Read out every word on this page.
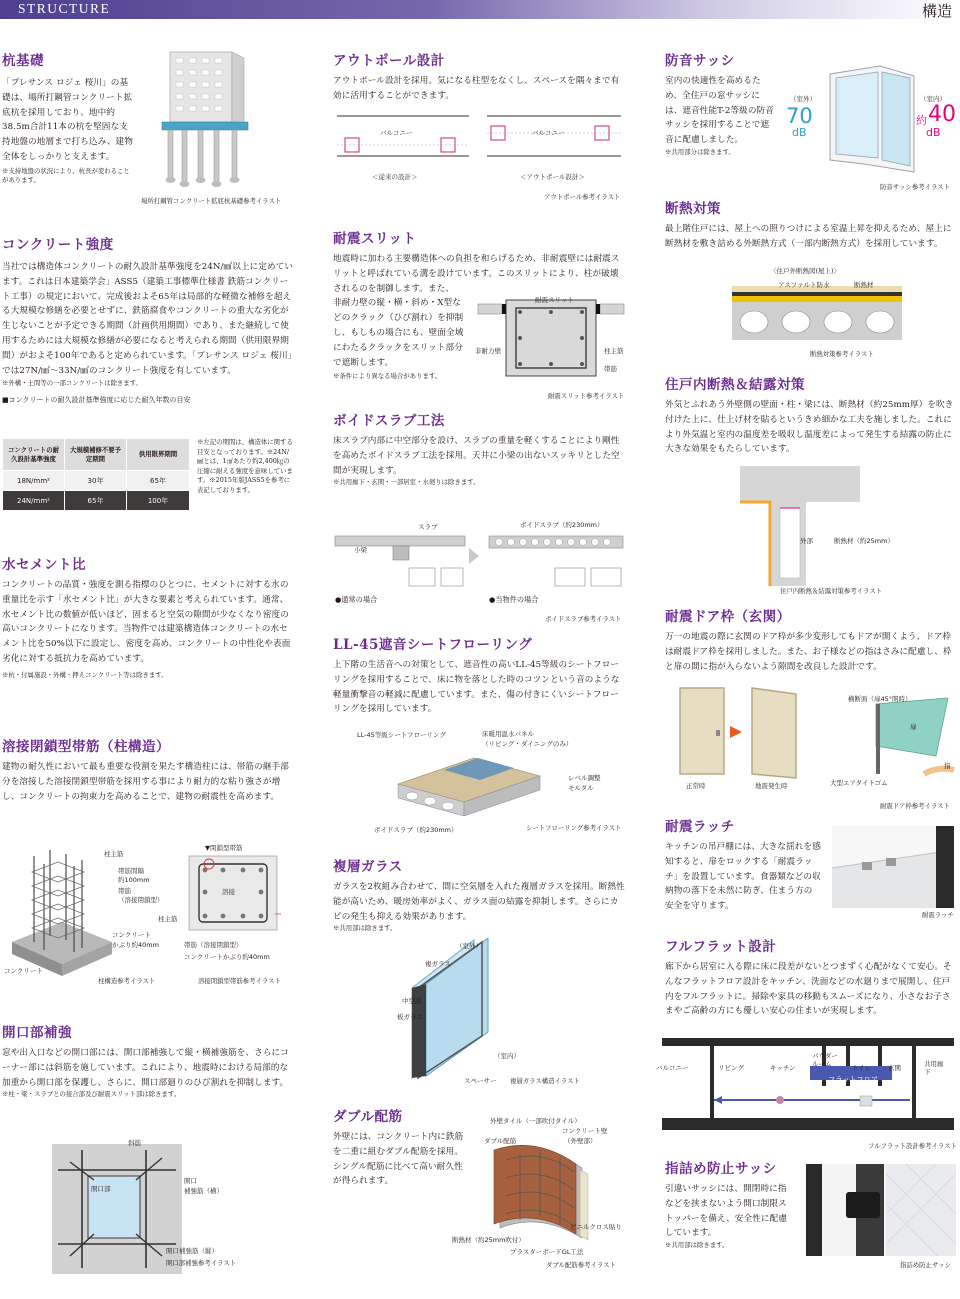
STRUCTURE	構造
杭基礎
「プレサンス ロジェ 桜川」の基礎は、場所打鋼管コンクリート拡底杭を採用しており、地中約38.5m合計11本の杭を堅固な支持地盤の地層まで打ち込み、建物全体をしっかりと支えます。
※支持地盤の状況により、杭長が変わることがあります。
場所打鋼管コンクリート拡底杭基礎参考イラスト
コンクリート強度
当社では構造体コンクリートの耐久設計基準強度を24N/㎟以上に定めています。これは日本建築学会」ASS5（建築工事標準仕様書 鉄筋コンクリート工事）の規定において、完成後およそ65年は局部的な軽微な補修を超える大規模な修繕を必要とせずに、鉄筋腐食やコンクリートの重大な劣化が生じないことが予定できる期間（計画供用期間）であり、また継続して使用するためには大規模な修繕が必要になると考えられる期間（供用限界期間）がおよそ100年であると定められています。「プレサンス ロジェ 桜川」では27N/㎟～33N/㎟のコンクリート強度を有しています。
※外構・土間等の一部コンクリートは除きます。
■コンクリートの耐久設計基準強度に応じた耐久年数の目安
コンクリートの耐久設計基準強度	大規模補修不要予定期間	供用限界期間
18N/mm²	30年	65年
24N/mm²	65年	100年
※左記の期間は、構造体に関する目安となっております。※24N/㎟とは、1㎠あたり約2,400㎏の圧縮に耐える強度を意味しています。※2015年版JASS5を参考に表記しております。
水セメント比
コンクリートの品質・強度を測る指標のひとつに、セメントに対する水の重量比を示す「水セメント比」が大きな要素と考えられています。通常、水セメント比の数値が低いほど、固まると空気の隙間が少なくなり密度の高いコンクリートになります。当物件では建築構造体コンクリートの水セメント比を50%以下に設定し、密度を高め、コンクリートの中性化や表面劣化に対する抵抗力を高めています。
※杭・付属施設・外構・押えコンクリート等は除きます。
溶接閉鎖型帯筋（柱構造）
建物の耐久性において最も重要な役割を果たす構造柱には、帯筋の継手部分を溶接した溶接閉鎖型帯筋を採用する事により耐力的な粘り強さが増し、コンクリートの拘束力を高めることで、建物の耐震性を高めます。
柱主筋
帯筋間隔
約100mm
帯筋
（溶接閉鎖型）
コンクリート
かぶり約40mm
コンクリート
▼閉鎖型帯筋
溶接
柱主筋
帯筋（溶接閉鎖型）
コンクリートかぶり約40mm
柱構造参考イラスト	溶接閉鎖型帯筋参考イラスト
開口部補強
窓や出入口などの開口部には、開口部補強して縦・横補強筋を、さらにコーナー部には斜筋を施しています。これにより、地震時における局部的な加重から開口部を保護し、さらに、開口部廻りのひび割れを抑制します。
※柱・梁・スラブとの接合部及び耐震スリット部は除きます。
斜筋
開口部
開口
補強筋（横）
開口補強筋（縦）
開口部補強参考イラスト
アウトポール設計
アウトポール設計を採用。気になる柱型をなくし、スペースを隅々まで有効に活用することができます。
バルコニー	バルコニー
＜従来の設計＞	＜アウトポール設計＞
アウトポール参考イラスト
耐震スリット
地震時に加わる主要構造体への負担を和らげるため、非耐震壁には耐震スリットと呼ばれている溝を設けています。このスリットにより、柱が破壊されるのを制御します。また、
非耐力壁の縦・横・斜め・X型などのクラック（ひび割れ）を抑制し、もしもの場合にも、壁面全域にわたるクラックをスリット部分で遮断します。
※条件により異なる場合があります。
耐震スリット
非耐力壁	柱主筋
帯筋
耐震スリット参考イラスト
ボイドスラブ工法
床スラブ内部に中空部分を設け、スラブの重量を軽くすることにより剛性を高めたボイドスラブ工法を採用。天井に小梁の出ないスッキリとした空間が実現します。
※共用廊下・玄関・一部居室・水廻りは除きます。
スラブ
小梁
ボイドスラブ（約230mm）
●通常の場合	●当物件の場合
ボイドスラブ参考イラスト
LL-45遮音シートフローリング
上下階の生活音への対策として、遮音性の高いLL-45等級のシートフローリングを採用することで、床に物を落とした時のコツンという音のような軽量衝撃音の軽減に配慮しています。また、傷の付きにくいシートフローリングを採用しています。
LL-45等級シートフローリング	床暖用温水パネル
（リビング・ダイニングのみ）
レベル調整
モルタル
ボイドスラブ（約230mm）	シートフローリング参考イラスト
複層ガラス
ガラスを2枚組み合わせて、間に空気層を入れた複層ガラスを採用。断熱性能が高いため、暖房効率がよく、ガラス面の結露を抑制します。さらにカビの発生も抑える効果があります。
※共用部は除きます。
（室外）
複ガラス
中空層
板ガラス
（室内）
スペーサー 複層ガラス構造イラスト
ダブル配筋
外壁には、コンクリート内に鉄筋を二重に組むダブル配筋を採用。シングル配筋に比べて高い耐久性が得られます。
外壁タイル（一部吹付タイル）
コンクリート壁
（外壁部）
ダブル配筋
ビニルクロス貼り
断熱材（約25mm吹付）
プラスターボードGL工法
ダブル配筋参考イラスト
防音サッシ
室内の快適性を高めるため、全住戸の窓サッシには、遮音性能T-2等級の防音サッシを採用することで遮音に配慮しました。
※共用部分は除きます。
（室外）	（室内）
70
dB
約 40
dB
防音サッシ参考イラスト
断熱対策
最上階住戸には、屋上への照りつけによる室温上昇を抑えるため、屋上に断熱材を敷き詰める外断熱方式（一部内断熱方式）を採用しています。
〈住戸外断熱図(屋上)〉
アスファルト防水	断熱材
断熱対策参考イラスト
住戸内断熱＆結露対策
外気とふれあう外壁側の壁面・柱・梁には、断熱材（約25mm厚）を吹き付けた上に、仕上げ材を貼るというきめ細かな工夫を施しました。これにより外気温と室内の温度差を吸収し温度差によって発生する結露の防止に大きな効果をもたらしています。
外部	断熱材（約25mm）
住戸内断熱＆結露対策参考イラスト
耐震ドア枠（玄関）
万一の地震の際に玄関のドア枠が多少変形してもドアが開くよう、ドア枠は耐震ドア枠を採用しました。また、お子様などの指はさみに配慮し、枠と扉の間に指が入らないよう隙間を改良した設計です。
横断面（扉45°開時）
扉
指
正常時	地震発生時	大型エアタイトゴム
耐震ドア枠参考イラスト
耐震ラッチ
キッチンの吊戸棚には、大きな揺れを感知すると、扉をロックする「耐震ラッチ」を設置しています。食器類などの収納物の落下を未然に防ぎ、住まう方の安全を守ります。
耐震ラッチ
フルフラット設計
廊下から居室に入る際に床に段差がないとつまずく心配がなくて安心。そんなフラットフロア設計をキッチン、洗面などの水廻りまで展開し、住戸内をフルフラットに。掃除や家具の移動もスムーズになり、小さなお子さまやご高齢の方にも優しい安心の住まいが実現します。
バルコニー	リビング	キッチン
パウダールーム	トイレ	玄関	共用廊下
フラットフロア
フルフラット設計参考イラスト
指詰め防止サッシ
引違いサッシには、開閉時に指などを挟まないよう開口制限ストッパーを備え、安全性に配慮しています。
※共用部は除きます。
指詰め防止サッシ
